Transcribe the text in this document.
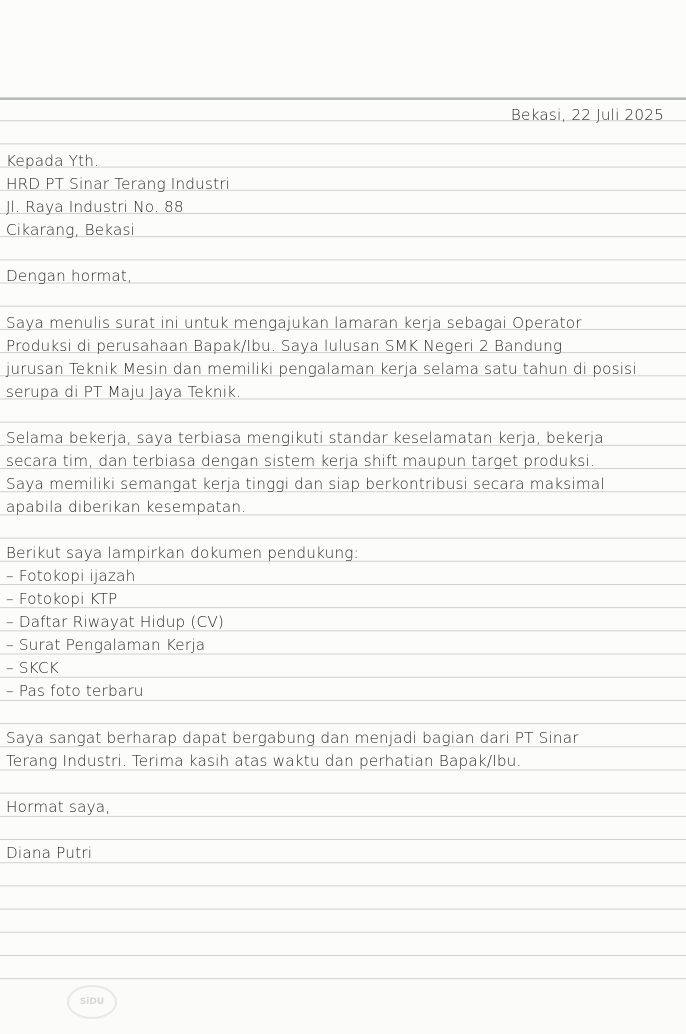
Bekasi, 22 Juli 2025

Kepada Yth.

HRD PT Sinar Terang Industri

Jl. Raya Industri No. 88

Cikarang, Bekasi

Dengan hormat,

Saya menulis surat ini untuk mengajukan lamaran kerja sebagai Operator

Produksi di perusahaan Bapak/Ibu. Saya lulusan SMK Negeri 2 Bandung

jurusan Teknik Mesin dan memiliki pengalaman kerja selama satu tahun di posisi

serupa di PT Maju Jaya Teknik.

Selama bekerja, saya terbiasa mengikuti standar keselamatan kerja, bekerja

secara tim, dan terbiasa dengan sistem kerja shift maupun target produksi.

Saya memiliki semangat kerja tinggi dan siap berkontribusi secara maksimal

apabila diberikan kesempatan.

Berikut saya lampirkan dokumen pendukung:

– Fotokopi ijazah

– Fotokopi KTP

– Daftar Riwayat Hidup (CV)

– Surat Pengalaman Kerja

– SKCK

– Pas foto terbaru

Saya sangat berharap dapat bergabung dan menjadi bagian dari PT Sinar

Terang Industri. Terima kasih atas waktu dan perhatian Bapak/Ibu.

Hormat saya,

Diana Putri

SiDU
